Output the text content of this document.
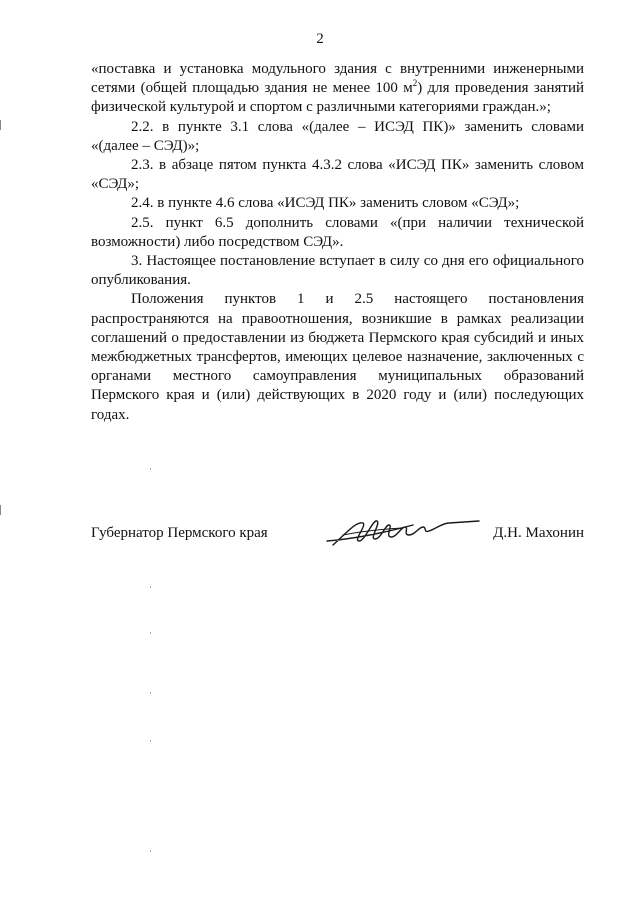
2

«поставка и установка модульного здания с внутренними инженерными сетями (общей площадью здания не менее 100 $м^2$) для проведения занятий физической культурой и спортом с различными категориями граждан.»;

2.2. в пункте 3.1 слова «(далее – ИСЭД ПК)» заменить словами «(далее – СЭД)»;

2.3. в абзаце пятом пункта 4.3.2 слова «ИСЭД ПК» заменить словом «СЭД»;

2.4. в пункте 4.6 слова «ИСЭД ПК» заменить словом «СЭД»;

2.5. пункт 6.5 дополнить словами «(при наличии технической возможности) либо посредством СЭД».

3. Настоящее постановление вступает в силу со дня его официального опубликования.

Положения пунктов 1 и 2.5 настоящего постановления распространяются на правоотношения, возникшие в рамках реализации соглашений о предоставлении из бюджета Пермского края субсидий и иных межбюджетных трансфертов, имеющих целевое назначение, заключенных с органами местного самоуправления муниципальных образований Пермского края и (или) действующих в 2020 году и (или) последующих годах.

Губернатор Пермского края	Д.Н. Махонин
